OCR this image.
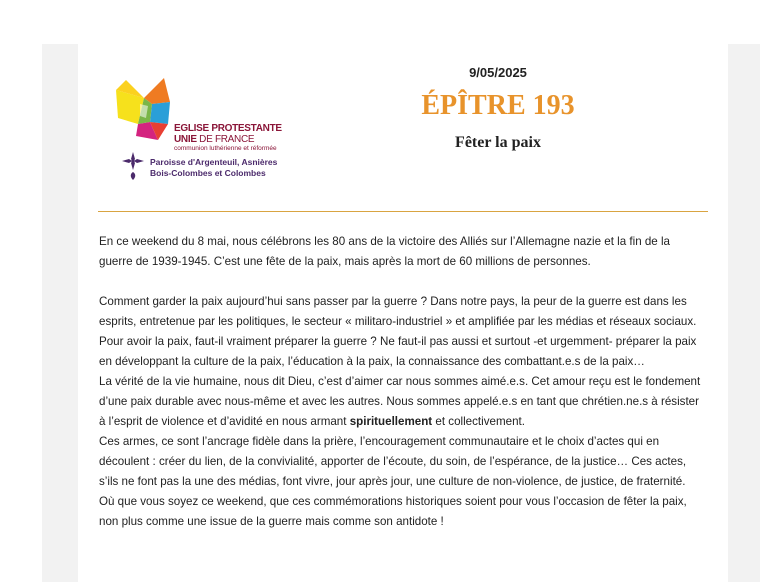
EGLISE PROTESTANTE
UNIE DE FRANCE
communion luthérienne et réformée
Paroisse d'Argenteuil, Asnières
Bois-Colombes et Colombes
9/05/2025
ÉPÎTRE 193
Fêter la paix

En ce weekend du 8 mai, nous célébrons les 80 ans de la victoire des Alliés sur l’Allemagne nazie et la fin de la guerre de 1939-1945. C’est une fête de la paix, mais après la mort de 60 millions de personnes.

Comment garder la paix aujourd’hui sans passer par la guerre ? Dans notre pays, la peur de la guerre est dans les esprits, entretenue par les politiques, le secteur « militaro-industriel » et amplifiée par les médias et réseaux sociaux.

Pour avoir la paix, faut-il vraiment préparer la guerre ? Ne faut-il pas aussi et surtout -et urgemment- préparer la paix en développant la culture de la paix, l’éducation à la paix, la connaissance des combattant.e.s de la paix…

La vérité de la vie humaine, nous dit Dieu, c’est d’aimer car nous sommes aimé.e.s. Cet amour reçu est le fondement d’une paix durable avec nous-même et avec les autres. Nous sommes appelé.e.s en tant que chrétien.ne.s à résister à l’esprit de violence et d’avidité en nous armant spirituellement et collectivement.

Ces armes, ce sont l’ancrage fidèle dans la prière, l’encouragement communautaire et le choix d’actes qui en découlent : créer du lien, de la convivialité, apporter de l’écoute, du soin, de l’espérance, de la justice… Ces actes, s’ils ne font pas la une des médias, font vivre, jour après jour, une culture de non-violence, de justice, de fraternité.

Où que vous soyez ce weekend, que ces commémorations historiques soient pour vous l’occasion de fêter la paix, non plus comme une issue de la guerre mais comme son antidote !
